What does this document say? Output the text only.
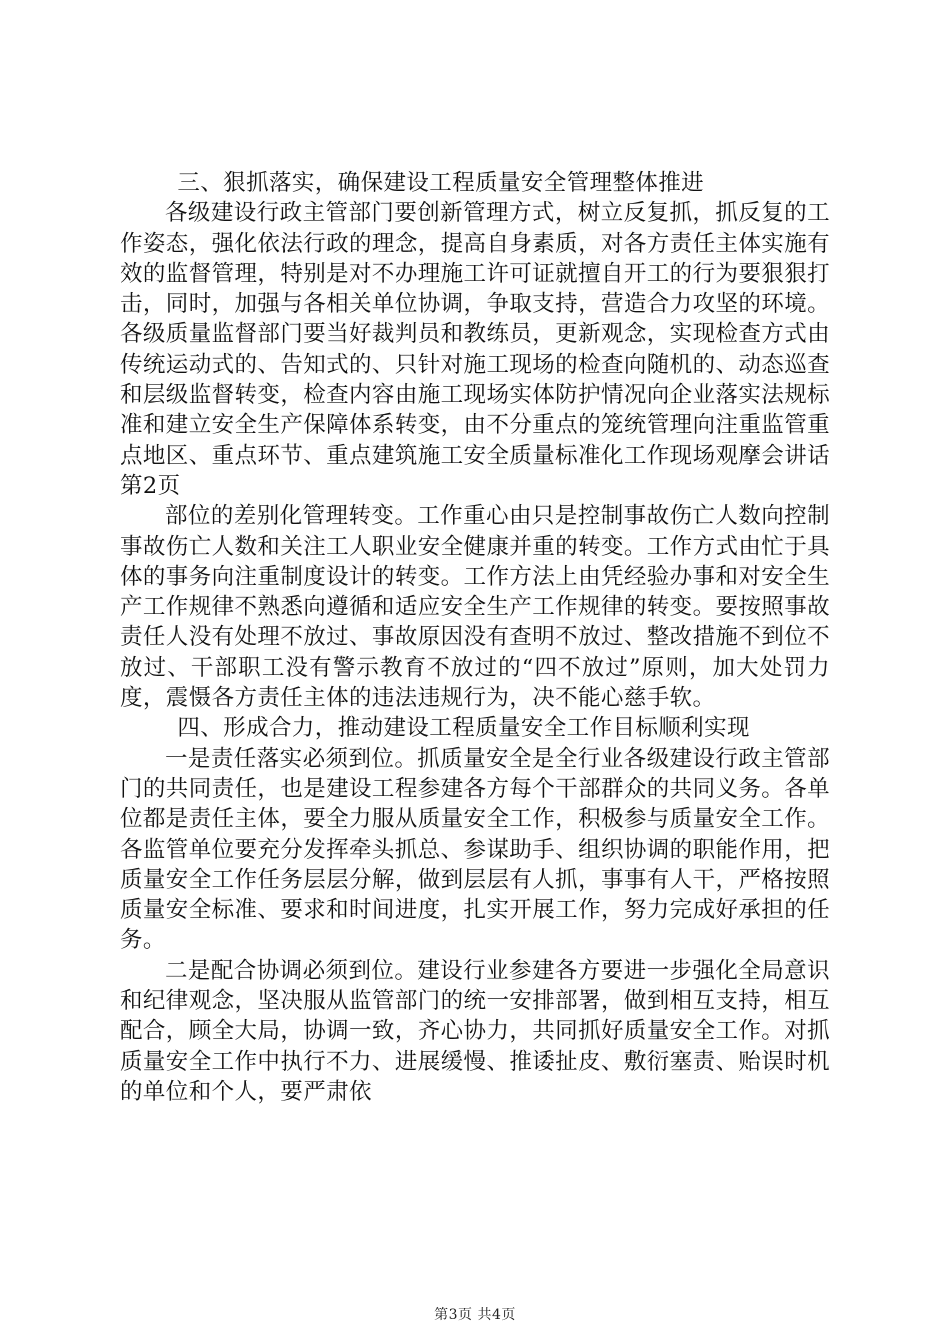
三、狠抓落实，确保建设工程质量安全管理整体推进

各级建设行政主管部门要创新管理方式，树立反复抓，抓反复的工作姿态，强化依法行政的理念，提高自身素质，对各方责任主体实施有效的监督管理，特别是对不办理施工许可证就擅自开工的行为要狠狠打击，同时，加强与各相关单位协调，争取支持，营造合力攻坚的环境。各级质量监督部门要当好裁判员和教练员，更新观念，实现检查方式由传统运动式的、告知式的、只针对施工现场的检查向随机的、动态巡查和层级监督转变，检查内容由施工现场实体防护情况向企业落实法规标准和建立安全生产保障体系转变，由不分重点的笼统管理向注重监管重点地区、重点环节、重点建筑施工安全质量标准化工作现场观摩会讲话第2页

部位的差别化管理转变。工作重心由只是控制事故伤亡人数向控制事故伤亡人数和关注工人职业安全健康并重的转变。工作方式由忙于具体的事务向注重制度设计的转变。工作方法上由凭经验办事和对安全生产工作规律不熟悉向遵循和适应安全生产工作规律的转变。要按照事故责任人没有处理不放过、事故原因没有查明不放过、整改措施不到位不放过、干部职工没有警示教育不放过的“四不放过”原则，加大处罚力度，震慑各方责任主体的违法违规行为，决不能心慈手软。

四、形成合力，推动建设工程质量安全工作目标顺利实现

一是责任落实必须到位。抓质量安全是全行业各级建设行政主管部门的共同责任，也是建设工程参建各方每个干部群众的共同义务。各单位都是责任主体，要全力服从质量安全工作，积极参与质量安全工作。各监管单位要充分发挥牵头抓总、参谋助手、组织协调的职能作用，把质量安全工作任务层层分解，做到层层有人抓，事事有人干，严格按照质量安全标准、要求和时间进度，扎实开展工作，努力完成好承担的任务。

二是配合协调必须到位。建设行业参建各方要进一步强化全局意识和纪律观念，坚决服从监管部门的统一安排部署，做到相互支持，相互配合，顾全大局，协调一致，齐心协力，共同抓好质量安全工作。对抓质量安全工作中执行不力、进展缓慢、推诿扯皮、敷衍塞责、贻误时机的单位和个人，要严肃依

第3页 共4页
